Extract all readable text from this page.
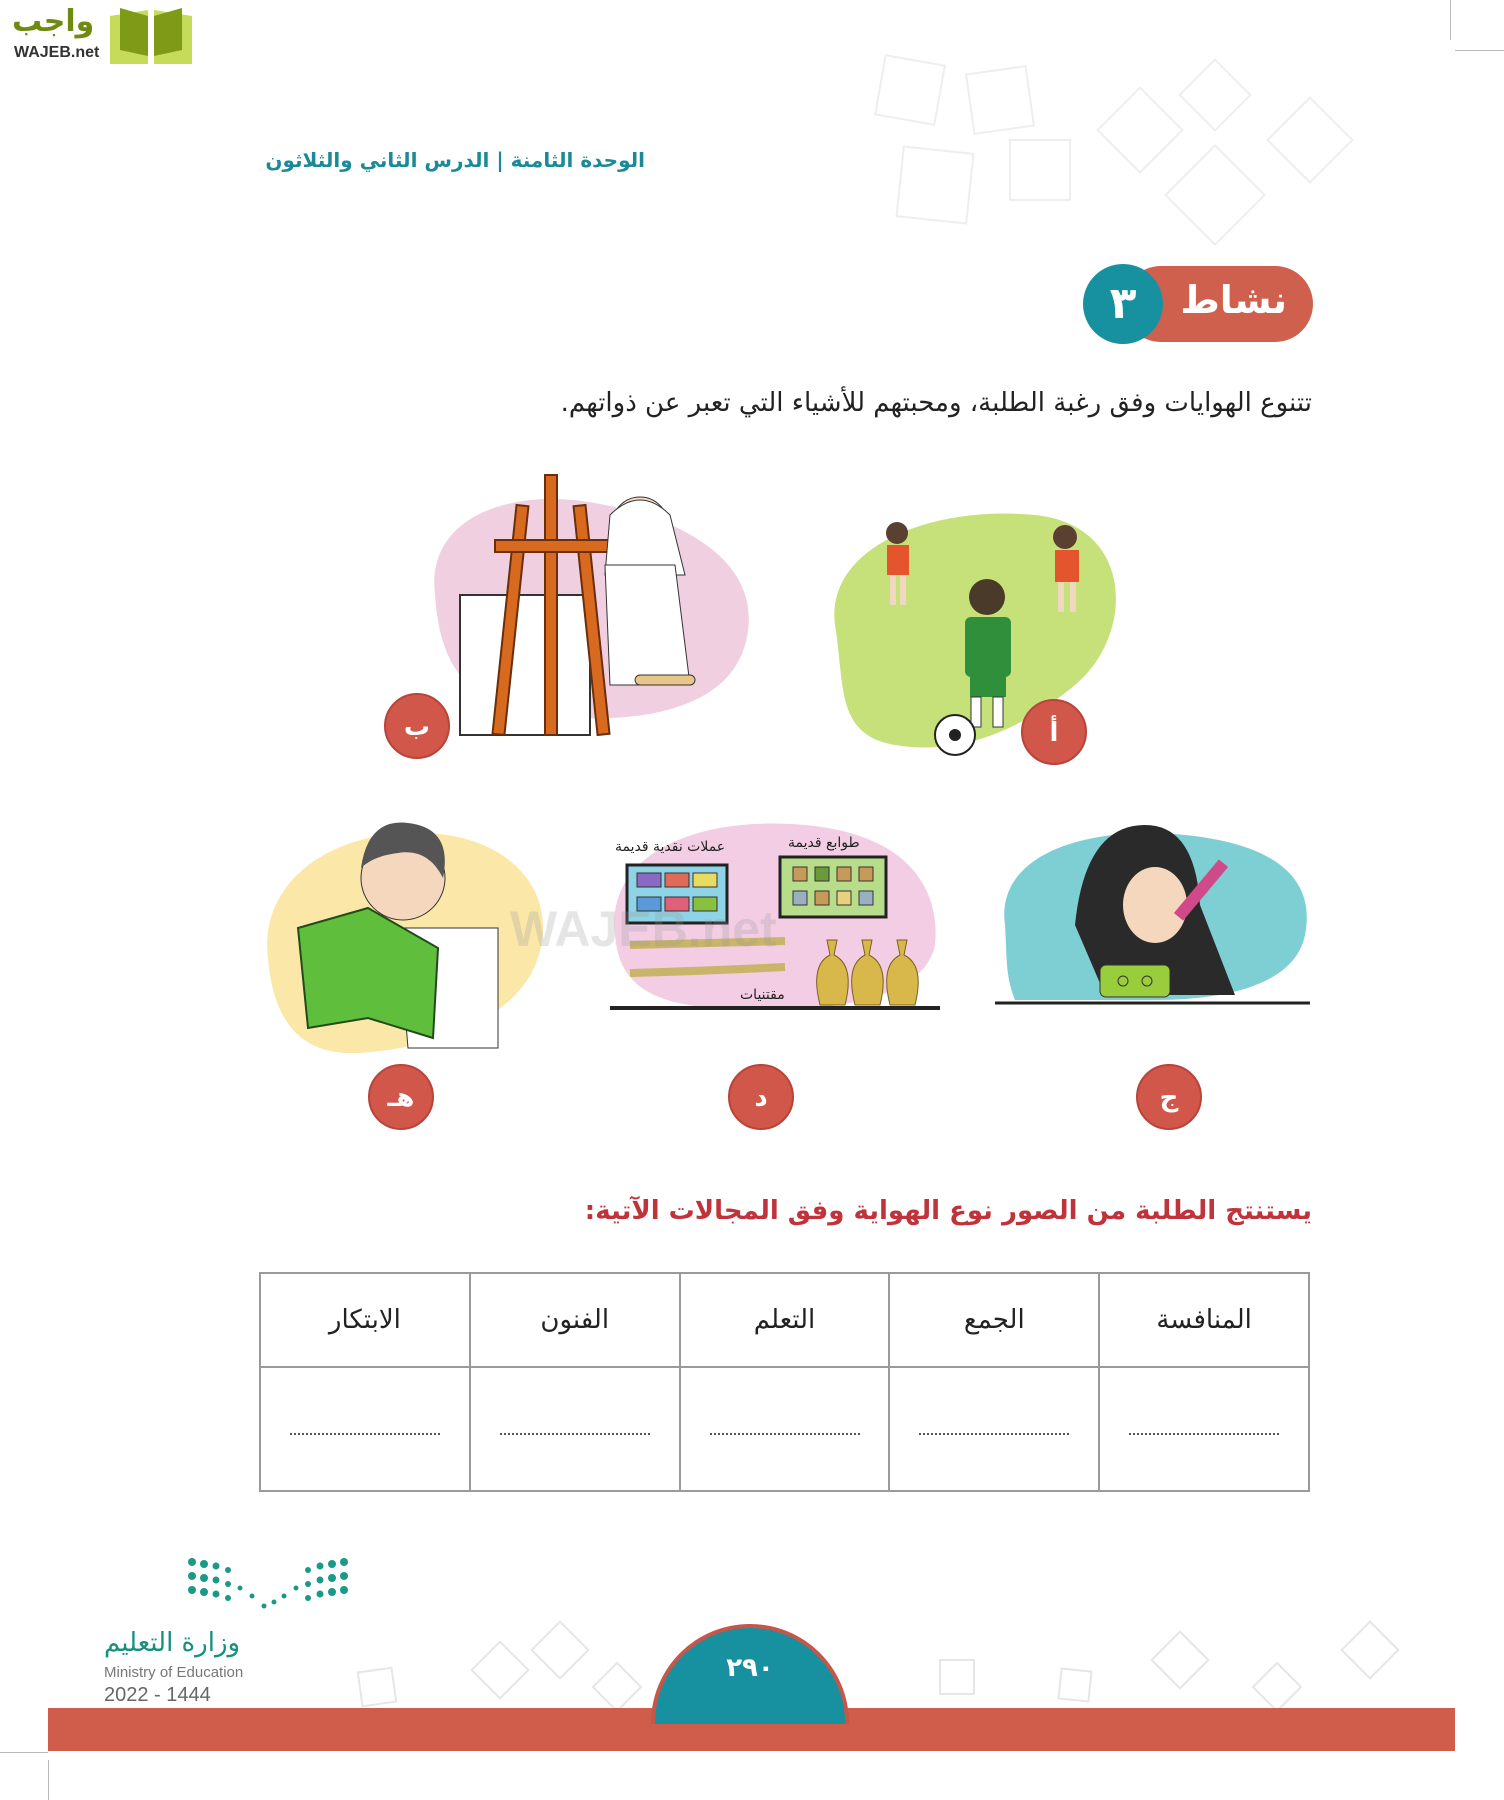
واجب
WAJEB.net
الوحدة الثامنة | الدرس الثاني والثلاثون
نشاط
٣
تتنوع الهوايات وفق رغبة الطلبة، ومحبتهم للأشياء التي تعبر عن ذواتهم.
أ
ب
ج
عملات نقدية قديمة	طوابع قديمة
مقتنيات
د
هـ
WAJEB.net
يستنتج الطلبة من الصور نوع الهواية وفق المجالات الآتية:
المنافسة	الجمع	التعلم	الفنون	الابتكار

وزارة التعليم
Ministry of Education
2022 - 1444
٢٩٠
